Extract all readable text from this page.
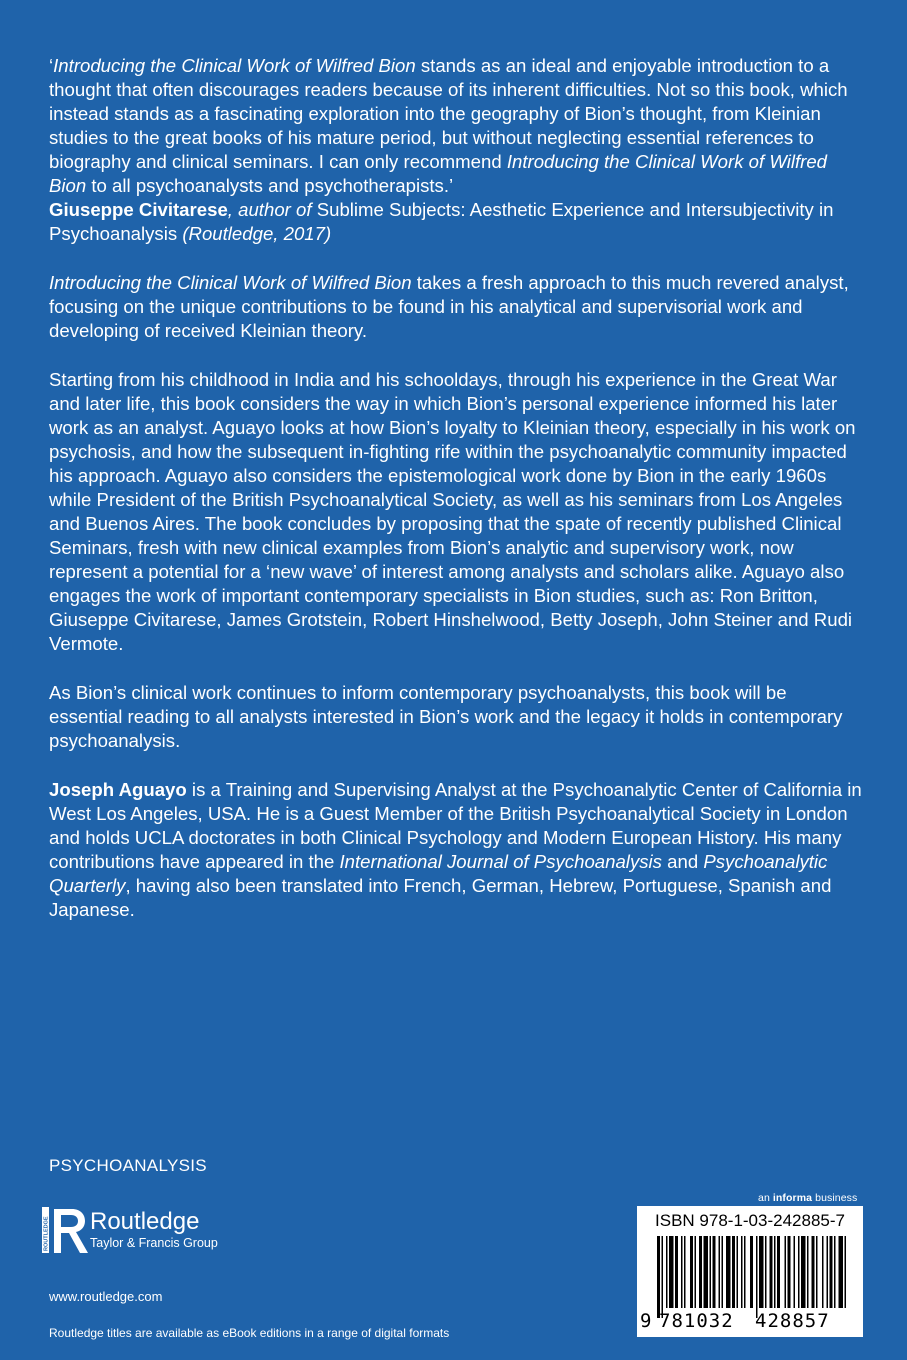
‘Introducing the Clinical Work of Wilfred Bion stands as an ideal and enjoyable introduction to a thought that often discourages readers because of its inherent difficulties. Not so this book, which instead stands as a fascinating exploration into the geography of Bion’s thought, from Kleinian studies to the great books of his mature period, but without neglecting essential references to biography and clinical seminars. I can only recommend Introducing the Clinical Work of Wilfred Bion to all psychoanalysts and psychotherapists.’

Giuseppe Civitarese, author of Sublime Subjects: Aesthetic Experience and Intersubjectivity in Psychoanalysis (Routledge, 2017)

Introducing the Clinical Work of Wilfred Bion takes a fresh approach to this much revered analyst, focusing on the unique contributions to be found in his analytical and supervisorial work and developing of received Kleinian theory.

Starting from his childhood in India and his schooldays, through his experience in the Great War and later life, this book considers the way in which Bion’s personal experience informed his later work as an analyst. Aguayo looks at how Bion’s loyalty to Kleinian theory, especially in his work on psychosis, and how the subsequent in-fighting rife within the psychoanalytic community impacted his approach. Aguayo also considers the epistemological work done by Bion in the early 1960s while President of the British Psychoanalytical Society, as well as his seminars from Los Angeles and Buenos Aires. The book concludes by proposing that the spate of recently published Clinical Seminars, fresh with new clinical examples from Bion’s analytic and supervisory work, now represent a potential for a ‘new wave’ of interest among analysts and scholars alike. Aguayo also engages the work of important contemporary specialists in Bion studies, such as: Ron Britton, Giuseppe Civitarese, James Grotstein, Robert Hinshelwood, Betty Joseph, John Steiner and Rudi Vermote.

As Bion’s clinical work continues to inform contemporary psychoanalysts, this book will be essential reading to all analysts interested in Bion’s work and the legacy it holds in contemporary psychoanalysis.

Joseph Aguayo is a Training and Supervising Analyst at the Psychoanalytic Center of California in West Los Angeles, USA. He is a Guest Member of the British Psychoanalytical Society in London and holds UCLA doctorates in both Clinical Psychology and Modern European History. His many contributions have appeared in the International Journal of Psychoanalysis and Psychoanalytic Quarterly, having also been translated into French, German, Hebrew, Portuguese, Spanish and Japanese.

PSYCHOANALYSIS
ROUTLEDGE Routledge
Taylor & Francis Group
www.routledge.com
Routledge titles are available as eBook editions in a range of digital formats
an informa business
ISBN 978-1-03-242885-7
9 781032 428857
